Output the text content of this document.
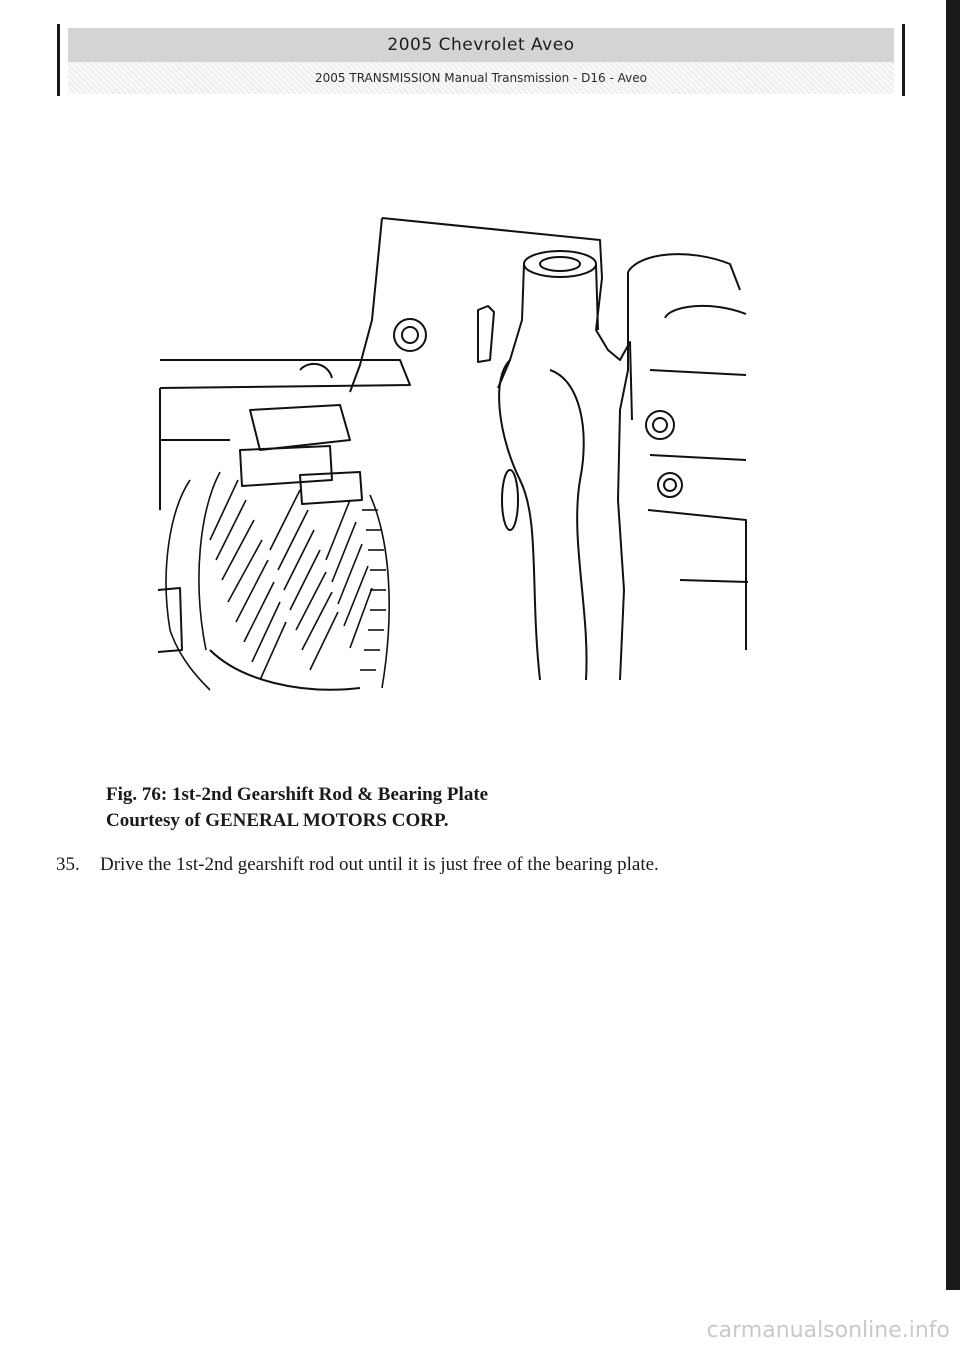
2005 Chevrolet Aveo
2005 TRANSMISSION Manual Transmission - D16 - Aveo
Fig. 76: 1st-2nd Gearshift Rod & Bearing Plate
Courtesy of GENERAL MOTORS CORP.
35. Drive the 1st-2nd gearshift rod out until it is just free of the bearing plate.
carmanualsonline.info
